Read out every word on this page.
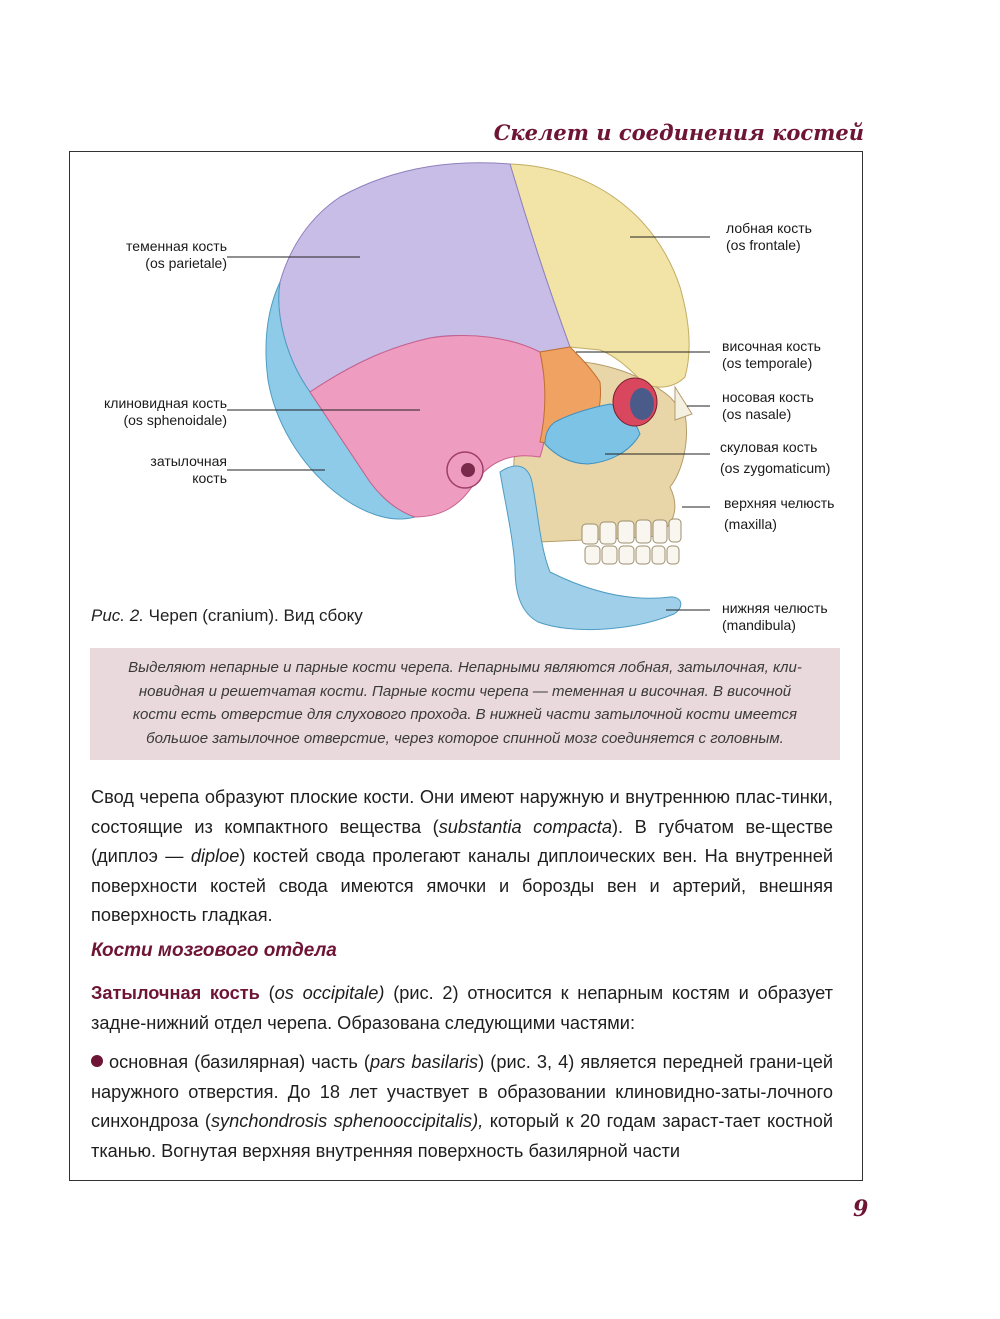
Скелет и соединения костей
теменная кость
(os parietale)
клиновидная кость
(os sphenoidale)
затылочная
кость
лобная кость
(os frontale)
височная кость
(os temporale)
носовая кость
(os nasale)
скуловая кость
(os zygomaticum)
верхняя челюсть
(maxilla)
нижняя челюсть
(mandibula)
Рис. 2. Череп (cranium). Вид сбоку
Выделяют непарные и парные кости черепа. Непарными являются лобная, затылочная, кли-
новидная и решетчатая кости. Парные кости черепа — теменная и височная. В височной
кости есть отверстие для слухового прохода. В нижней части затылочной кости имеется
большое затылочное отверстие, через которое спинной мозг соединяется с головным.
Свод черепа образуют плоские кости. Они имеют наружную и внутреннюю плас-тинки, состоящие из компактного вещества (substantia compacta). В губчатом ве-ществе (диплоэ — diploe) костей свода пролегают каналы диплоических вен. На внутренней поверхности костей свода имеются ямочки и борозды вен и артерий, внешняя поверхность гладкая.
Кости мозгового отдела
Затылочная кость (os occipitale) (рис. 2) относится к непарным костям и образует задне-нижний отдел черепа. Образована следующими частями:
основная (базилярная) часть (pars basilaris) (рис. 3, 4) является передней грани-цей наружного отверстия. До 18 лет участвует в образовании клиновидно-заты-лочного синхондроза (synchondrosis sphenooccipitalis), который к 20 годам зараст-тает костной тканью. Вогнутая верхняя внутренняя поверхность базилярной части
9
